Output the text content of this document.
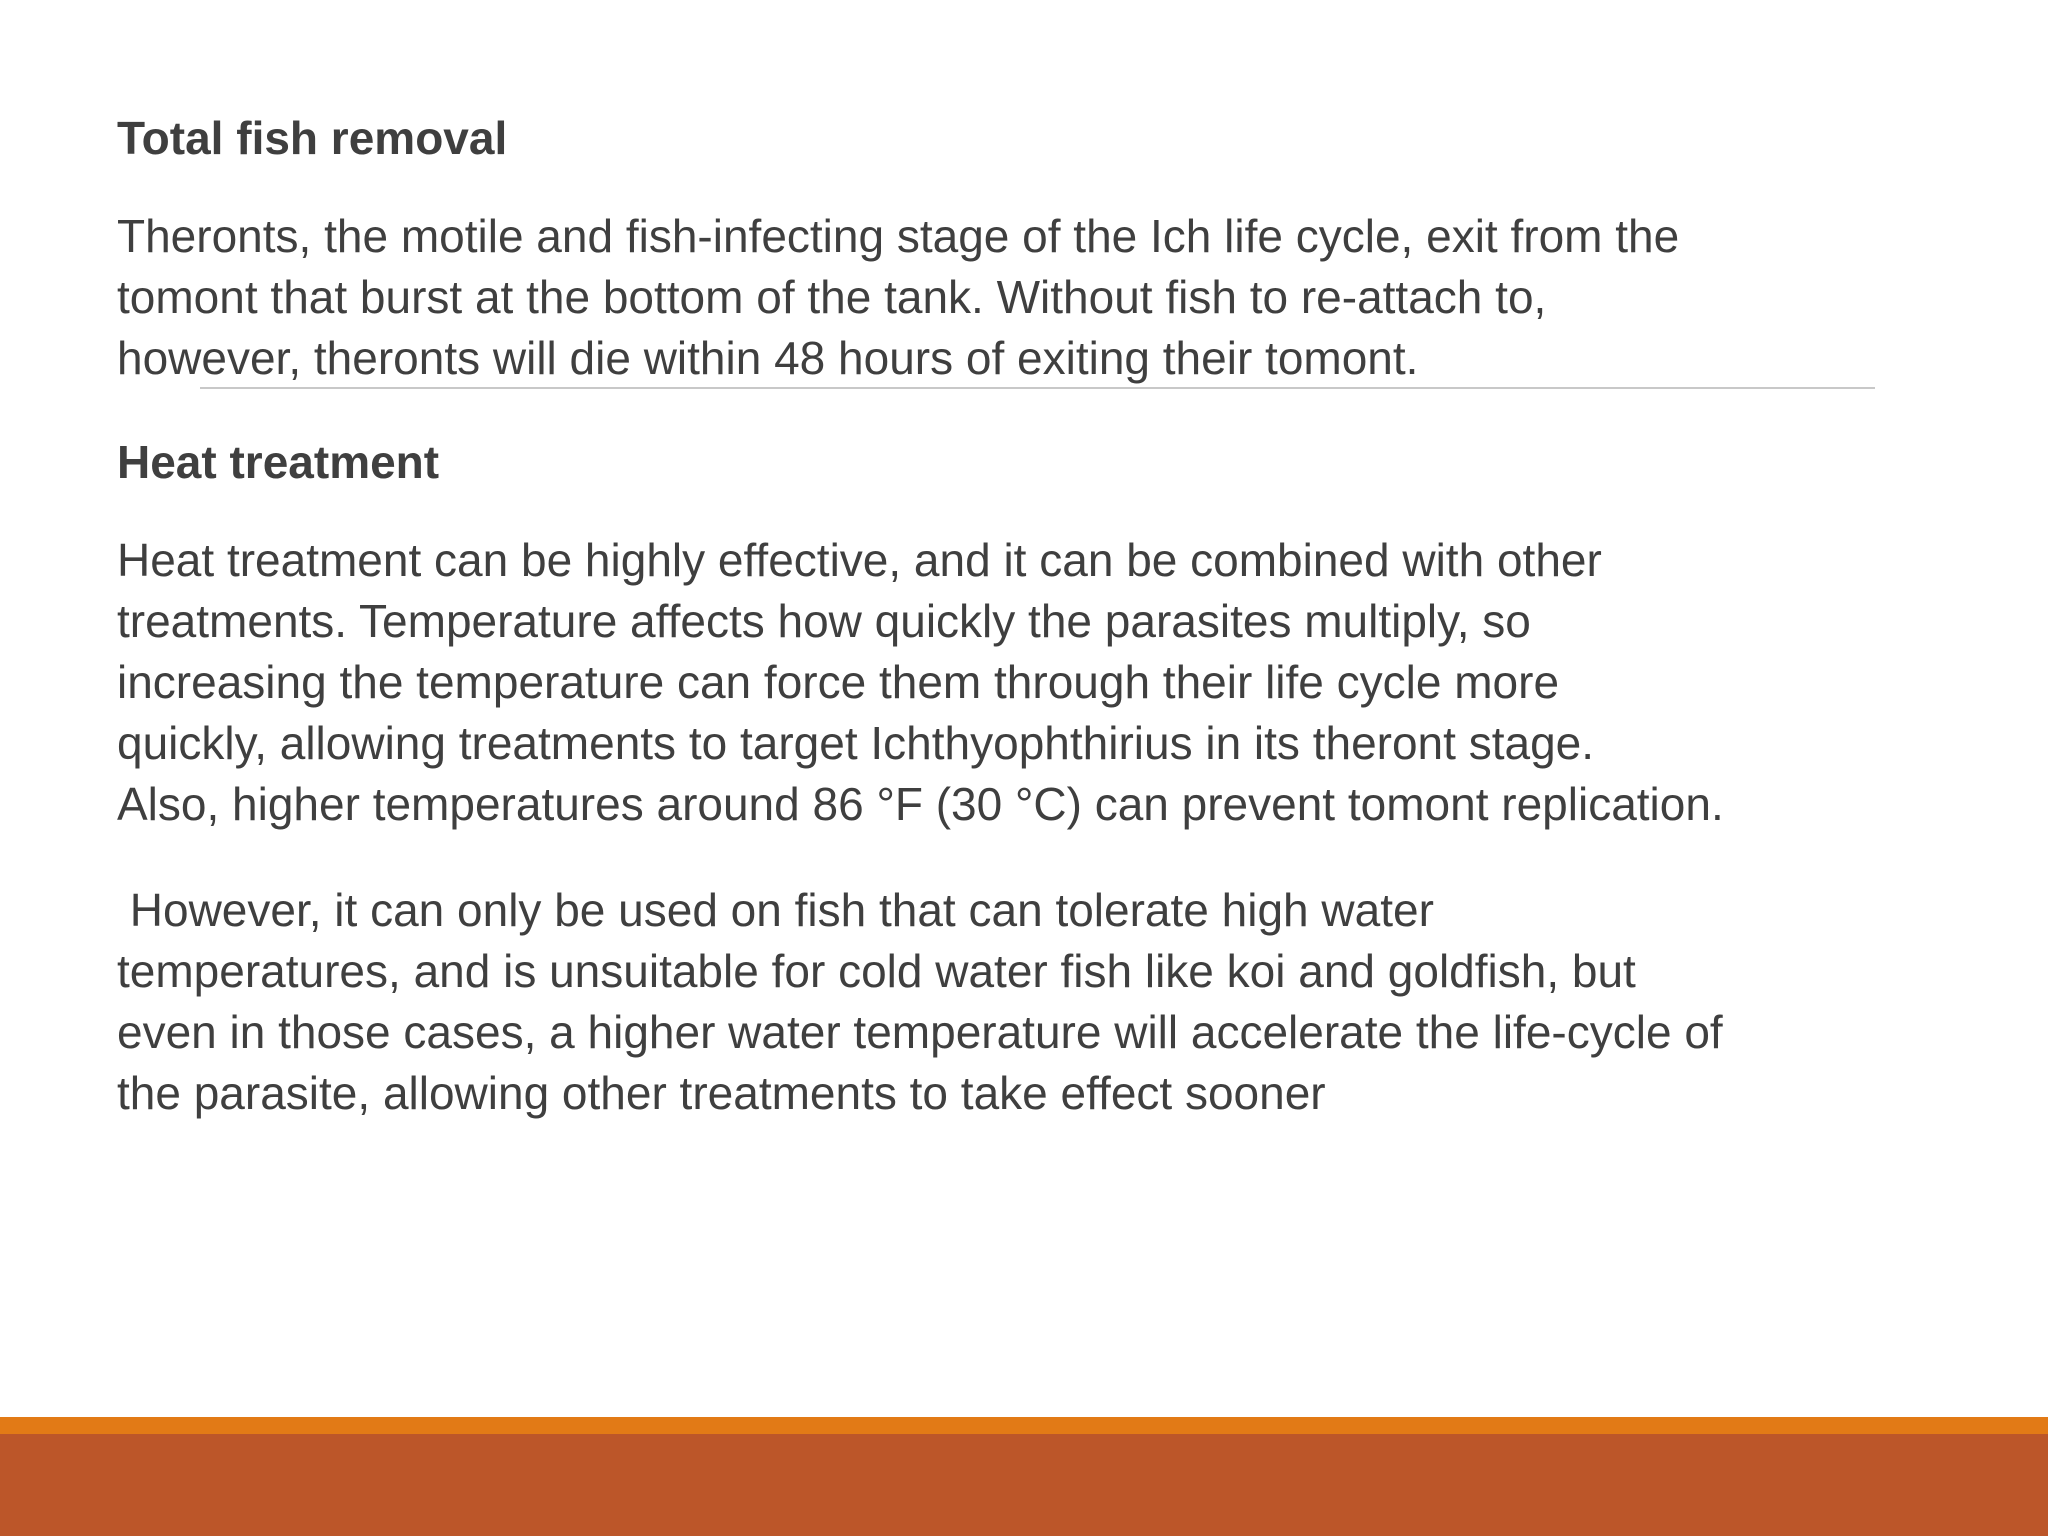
Total fish removal
Theronts, the motile and fish-infecting stage of the Ich life cycle, exit from the
tomont that burst at the bottom of the tank. Without fish to re-attach to,
however, theronts will die within 48 hours of exiting their tomont.
Heat treatment
Heat treatment can be highly effective, and it can be combined with other
treatments. Temperature affects how quickly the parasites multiply, so
increasing the temperature can force them through their life cycle more
quickly, allowing treatments to target Ichthyophthirius in its theront stage.
Also, higher temperatures around 86 °F (30 °C) can prevent tomont replication.
However, it can only be used on fish that can tolerate high water
temperatures, and is unsuitable for cold water fish like koi and goldfish, but
even in those cases, a higher water temperature will accelerate the life-cycle of
the parasite, allowing other treatments to take effect sooner
